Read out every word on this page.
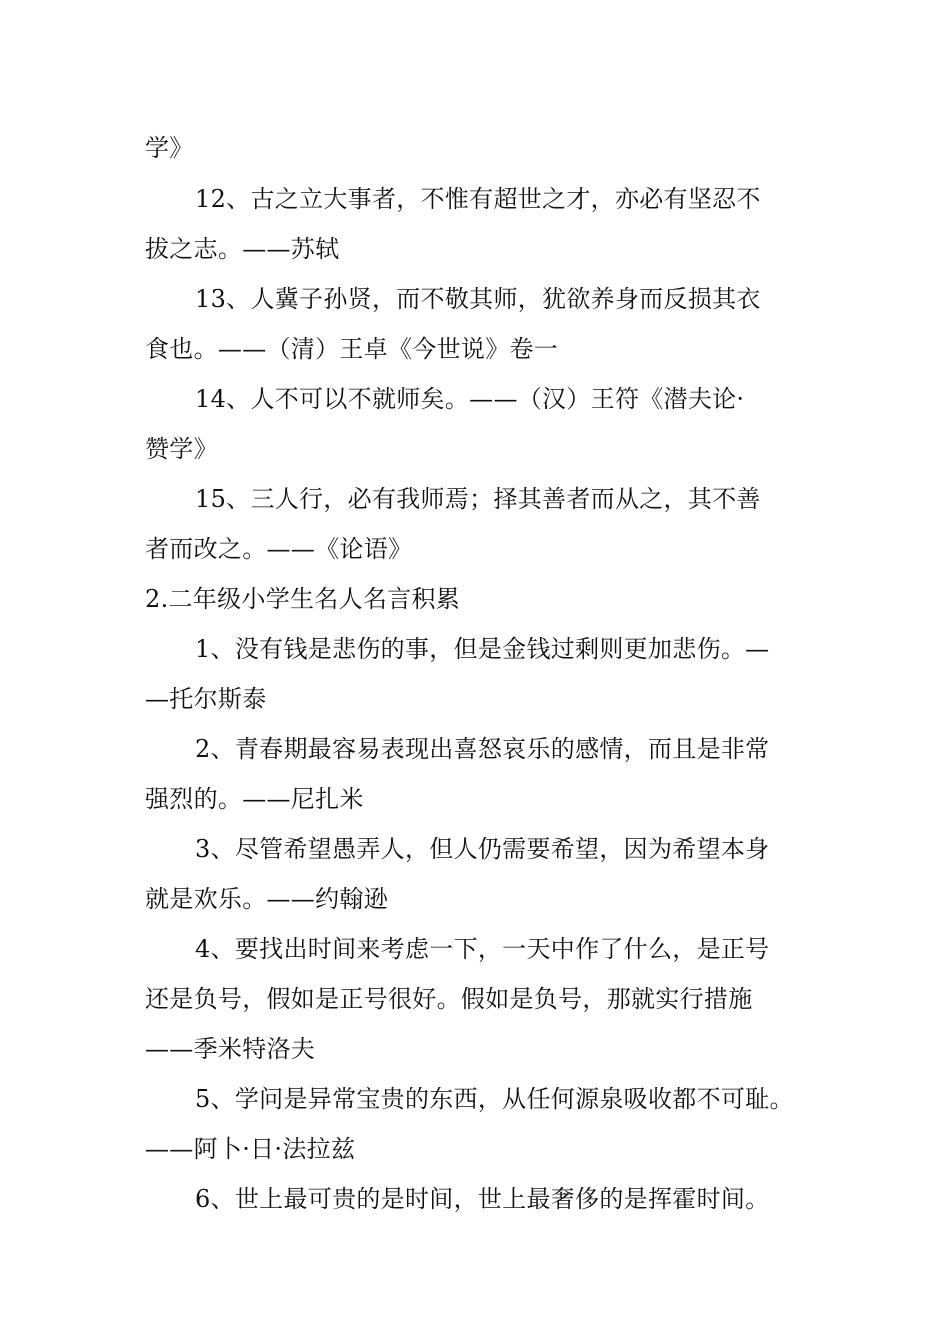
学》
12、古之立大事者，不惟有超世之才，亦必有坚忍不
拔之志。——苏轼
13、人冀子孙贤，而不敬其师，犹欲养身而反损其衣
食也。——（清）王卓《今世说》卷一
14、人不可以不就师矣。——（汉）王符《潜夫论·
赞学》
15、三人行，必有我师焉；择其善者而从之，其不善
者而改之。——《论语》
2.二年级小学生名人名言积累
1、没有钱是悲伤的事，但是金钱过剩则更加悲伤。—
—托尔斯泰
2、青春期最容易表现出喜怒哀乐的感情，而且是非常
强烈的。——尼扎米
3、尽管希望愚弄人，但人仍需要希望，因为希望本身
就是欢乐。——约翰逊
4、要找出时间来考虑一下，一天中作了什么，是正号
还是负号，假如是正号很好。假如是负号，那就实行措施
——季米特洛夫
5、学问是异常宝贵的东西，从任何源泉吸收都不可耻。
——阿卜·日·法拉兹
6、世上最可贵的是时间，世上最奢侈的是挥霍时间。
